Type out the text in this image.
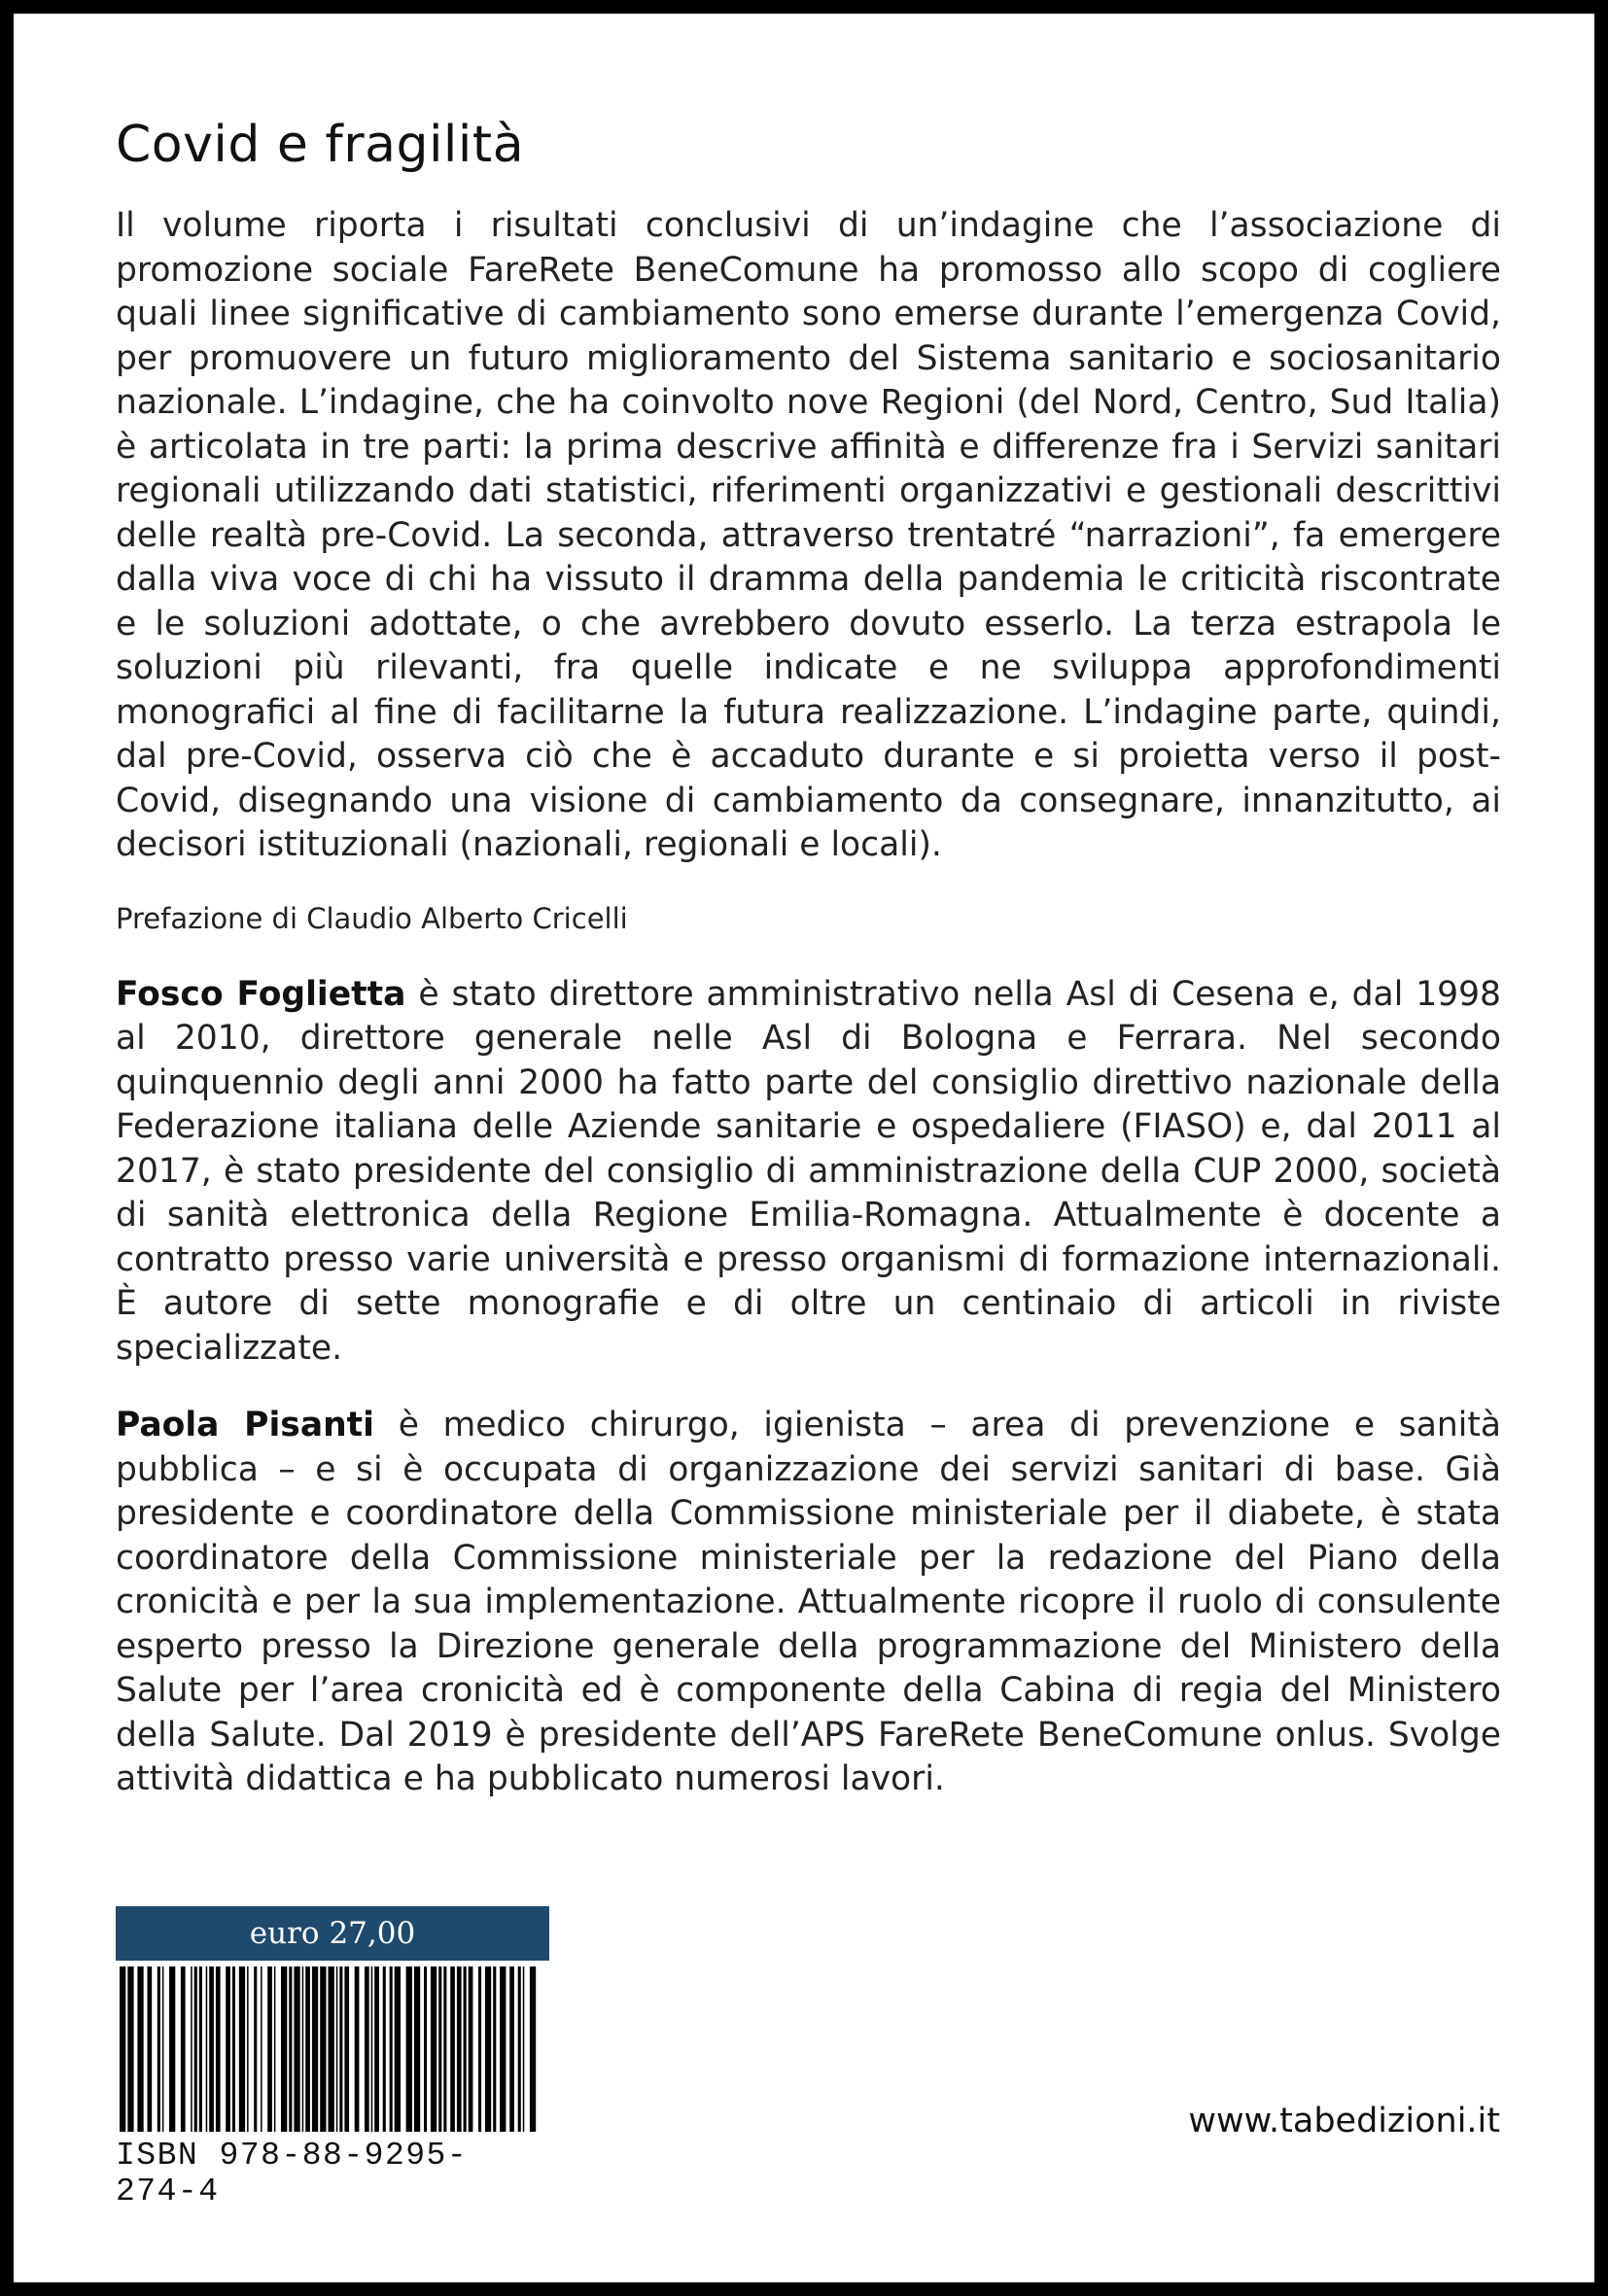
Covid e fragilità

Il volume riporta i risultati conclusivi di un’indagine che l’associazione di promozione sociale FareRete BeneComune ha promosso allo scopo di cogliere quali linee significative di cambiamento sono emerse durante l’emergenza Covid, per promuovere un futuro miglioramento del Sistema sanitario e sociosanitario nazionale. L’indagine, che ha coinvolto nove Regioni (del Nord, Centro, Sud Italia) è articolata in tre parti: la prima descrive affinità e differenze fra i Servizi sanitari regionali utilizzando dati statistici, riferimenti organizzativi e gestionali descrittivi delle realtà pre-Covid. La seconda, attraverso trentatré “narrazioni”, fa emergere dalla viva voce di chi ha vissuto il dramma della pandemia le criticità riscontrate e le soluzioni adottate, o che avrebbero dovuto esserlo. La terza estrapola le soluzioni più rilevanti, fra quelle indicate e ne sviluppa approfondimenti monografici al fine di facilitarne la futura realizzazione. L’indagine parte, quindi, dal pre-Covid, osserva ciò che è accaduto durante e si proietta verso il post-Covid, disegnando una visione di cambiamento da consegnare, innanzitutto, ai decisori istituzionali (nazionali, regionali e locali).

Prefazione di Claudio Alberto Cricelli

Fosco Foglietta è stato direttore amministrativo nella Asl di Cesena e, dal 1998 al 2010, direttore generale nelle Asl di Bologna e Ferrara. Nel secondo quinquennio degli anni 2000 ha fatto parte del consiglio direttivo nazionale della Federazione italiana delle Aziende sanitarie e ospedaliere (FIASO) e, dal 2011 al 2017, è stato presidente del consiglio di amministrazione della CUP 2000, società di sanità elettronica della Regione Emilia-Romagna. Attualmente è docente a contratto presso varie università e presso organismi di formazione internazionali. È autore di sette monografie e di oltre un centinaio di articoli in riviste specializzate.

Paola Pisanti è medico chirurgo, igienista – area di prevenzione e sanità pubblica – e si è occupata di organizzazione dei servizi sanitari di base. Già presidente e coordinatore della Commissione ministeriale per il diabete, è stata coordinatore della Commissione ministeriale per la redazione del Piano della cronicità e per la sua implementazione. Attualmente ricopre il ruolo di consulente esperto presso la Direzione generale della programmazione del Ministero della Salute per l’area cronicità ed è componente della Cabina di regia del Ministero della Salute. Dal 2019 è presidente dell’APS FareRete BeneComune onlus. Svolge attività didattica e ha pubblicato numerosi lavori.

euro 27,00
ISBN 978-88-9295-274-4
www.tabedizioni.it
